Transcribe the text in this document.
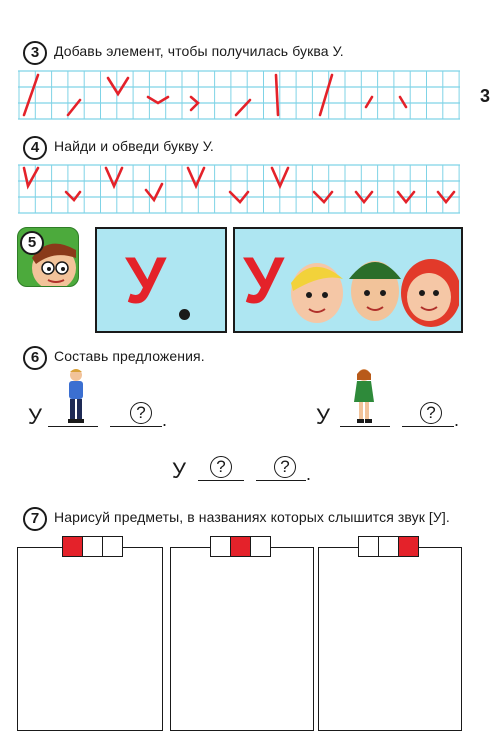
3	Добавь элемент, чтобы получилась буква У.
3
4	Найди и обведи букву У.
5
У У
6	Составь предложения.
У	? .	У	?	.
У	?	? .
7	Нарисуй предметы, в названиях которых слышится звук [У].
